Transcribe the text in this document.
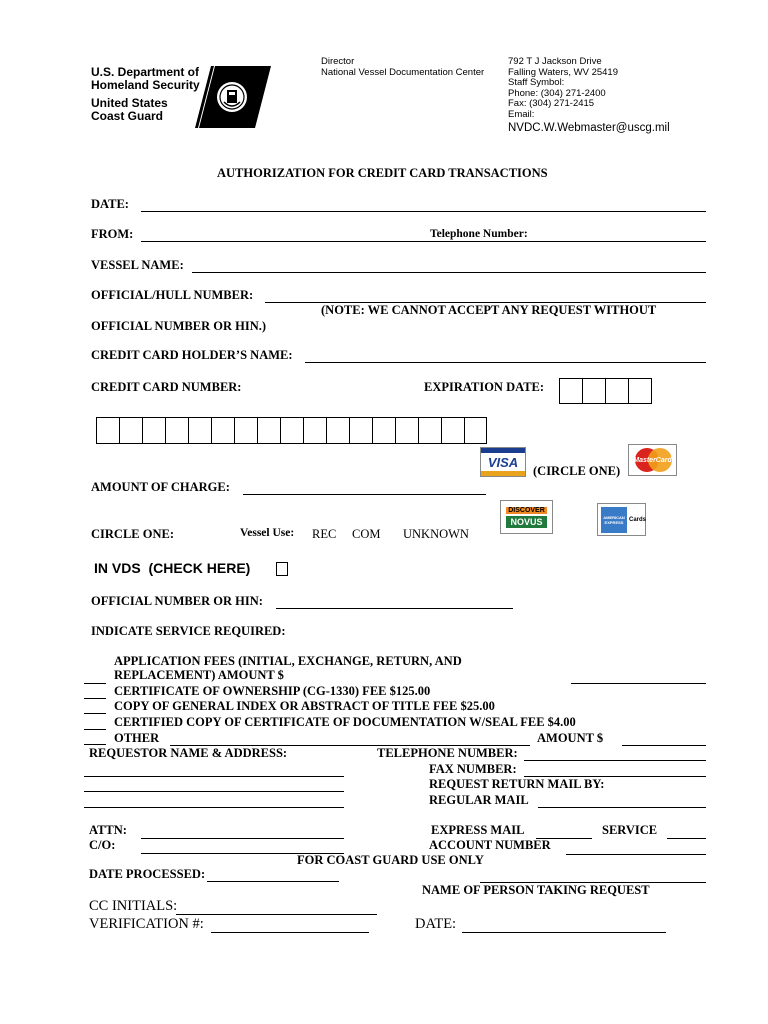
U.S. Department of
Homeland Security
United States
Coast Guard
Director
National Vessel Documentation Center
792 T J Jackson Drive
Falling Waters, WV 25419
Staff Symbol:
Phone: (304) 271-2400
Fax: (304) 271-2415
Email:
NVDC.W.Webmaster@uscg.mil
AUTHORIZATION FOR CREDIT CARD TRANSACTIONS
DATE:
FROM:	Telephone Number:
VESSEL NAME:
OFFICIAL/HULL NUMBER:
(NOTE: WE CANNOT ACCEPT ANY REQUEST WITHOUT
OFFICIAL NUMBER OR HIN.)
CREDIT CARD HOLDER’S NAME:
CREDIT CARD NUMBER:	EXPIRATION DATE:
VISA
(CIRCLE ONE)
MasterCard
AMOUNT OF CHARGE:
DISCOVER
NOVUS	AMERICAN EXPRESS Cards
CIRCLE ONE:	Vessel Use: REC COM UNKNOWN
IN VDS  (CHECK HERE)
OFFICIAL NUMBER OR HIN:
INDICATE SERVICE REQUIRED:
APPLICATION FEES (INITIAL, EXCHANGE, RETURN, AND
REPLACEMENT) AMOUNT $
CERTIFICATE OF OWNERSHIP (CG-1330) FEE $125.00
COPY OF GENERAL INDEX OR ABSTRACT OF TITLE FEE $25.00
CERTIFIED COPY OF CERTIFICATE OF DOCUMENTATION W/SEAL FEE $4.00
OTHER	AMOUNT $
REQUESTOR NAME & ADDRESS:	TELEPHONE NUMBER:
FAX NUMBER:
REQUEST RETURN MAIL BY:
REGULAR MAIL
ATTN:	EXPRESS MAIL	SERVICE
C/O:	ACCOUNT NUMBER
FOR COAST GUARD USE ONLY
DATE PROCESSED:
NAME OF PERSON TAKING REQUEST
CC INITIALS:
VERIFICATION #:	DATE:
